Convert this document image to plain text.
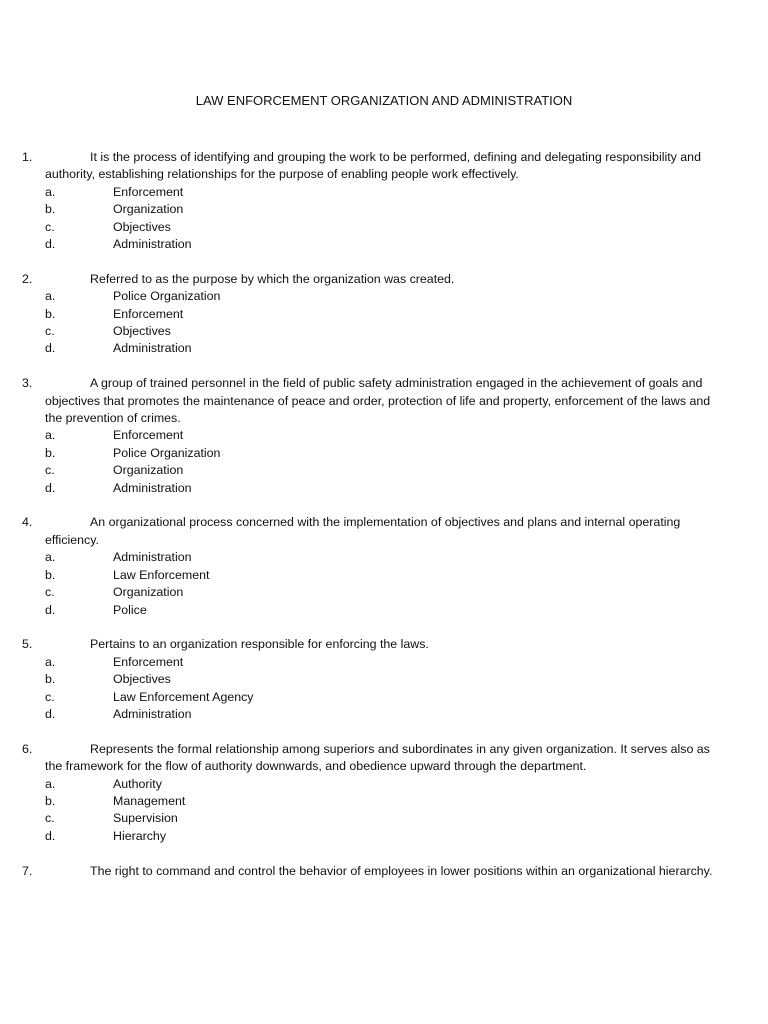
LAW ENFORCEMENT ORGANIZATION AND ADMINISTRATION
1.	It is the process of identifying and grouping the work to be performed, defining and delegating responsibility and authority, establishing relationships for the purpose of enabling people work effectively.
a.	Enforcement
b.	Organization
c.	Objectives
d.	Administration
2.	Referred to as the purpose by which the organization was created.
a.	Police Organization
b.	Enforcement
c.	Objectives
d.	Administration
3.	A group of trained personnel in the field of public safety administration engaged in the achievement of goals and objectives that promotes the maintenance of peace and order, protection of life and property, enforcement of the laws and the prevention of crimes.
a.	Enforcement
b.	Police Organization
c.	Organization
d.	Administration
4.	An organizational process concerned with the implementation of objectives and plans and internal operating efficiency.
a.	Administration
b.	Law Enforcement
c.	Organization
d.	Police
5.	Pertains to an organization responsible for enforcing the laws.
a.	Enforcement
b.	Objectives
c.	Law Enforcement Agency
d.	Administration
6.	Represents the formal relationship among superiors and subordinates in any given organization. It serves also as the framework for the flow of authority downwards, and obedience upward through the department.
a.	Authority
b.	Management
c.	Supervision
d.	Hierarchy
7.	The right to command and control the behavior of employees in lower positions within an organizational hierarchy.
